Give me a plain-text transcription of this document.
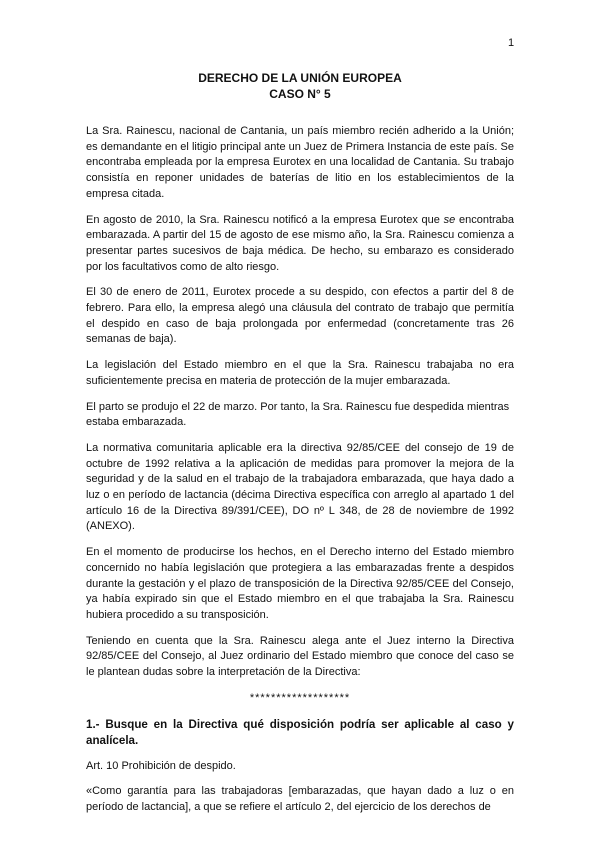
1
DERECHO DE LA UNIÓN EUROPEA
CASO N° 5

La Sra. Rainescu, nacional de Cantania, un país miembro recién adherido a la Unión; es demandante en el litigio principal ante un Juez de Primera Instancia de este país. Se encontraba empleada por la empresa Eurotex en una localidad de Cantania. Su trabajo consistía en reponer unidades de baterías de litio en los establecimientos de la empresa citada.

En agosto de 2010, la Sra. Rainescu notificó a la empresa Eurotex que se encontraba embarazada. A partir del 15 de agosto de ese mismo año, la Sra. Rainescu comienza a presentar partes sucesivos de baja médica. De hecho, su embarazo es considerado por los facultativos como de alto riesgo.

El 30 de enero de 2011, Eurotex procede a su despido, con efectos a partir del 8 de febrero. Para ello, la empresa alegó una cláusula del contrato de trabajo que permitía el despido en caso de baja prolongada por enfermedad (concretamente tras 26 semanas de baja).

La legislación del Estado miembro en el que la Sra. Rainescu trabajaba no era suficientemente precisa en materia de protección de la mujer embarazada.

El parto se produjo el 22 de marzo. Por tanto, la Sra. Rainescu fue despedida mientras estaba embarazada.

La normativa comunitaria aplicable era la directiva 92/85/CEE del consejo de 19 de octubre de 1992 relativa a la aplicación de medidas para promover la mejora de la seguridad y de la salud en el trabajo de la trabajadora embarazada, que haya dado a luz o en período de lactancia (décima Directiva específica con arreglo al apartado 1 del artículo 16 de la Directiva 89/391/CEE), DO nº L 348, de 28 de noviembre de 1992 (ANEXO).

En el momento de producirse los hechos, en el Derecho interno del Estado miembro concernido no había legislación que protegiera a las embarazadas frente a despidos durante la gestación y el plazo de transposición de la Directiva 92/85/CEE del Consejo, ya había expirado sin que el Estado miembro en el que trabajaba la Sra. Rainescu hubiera procedido a su transposición.

Teniendo en cuenta que la Sra. Rainescu alega ante el Juez interno la Directiva 92/85/CEE del Consejo, al Juez ordinario del Estado miembro que conoce del caso se le plantean dudas sobre la interpretación de la Directiva:

*******************

1.- Busque en la Directiva qué disposición podría ser aplicable al caso y analícela.

Art. 10 Prohibición de despido.

«Como garantía para las trabajadoras [embarazadas, que hayan dado a luz o en período de lactancia], a que se refiere el artículo 2, del ejercicio de los derechos de
